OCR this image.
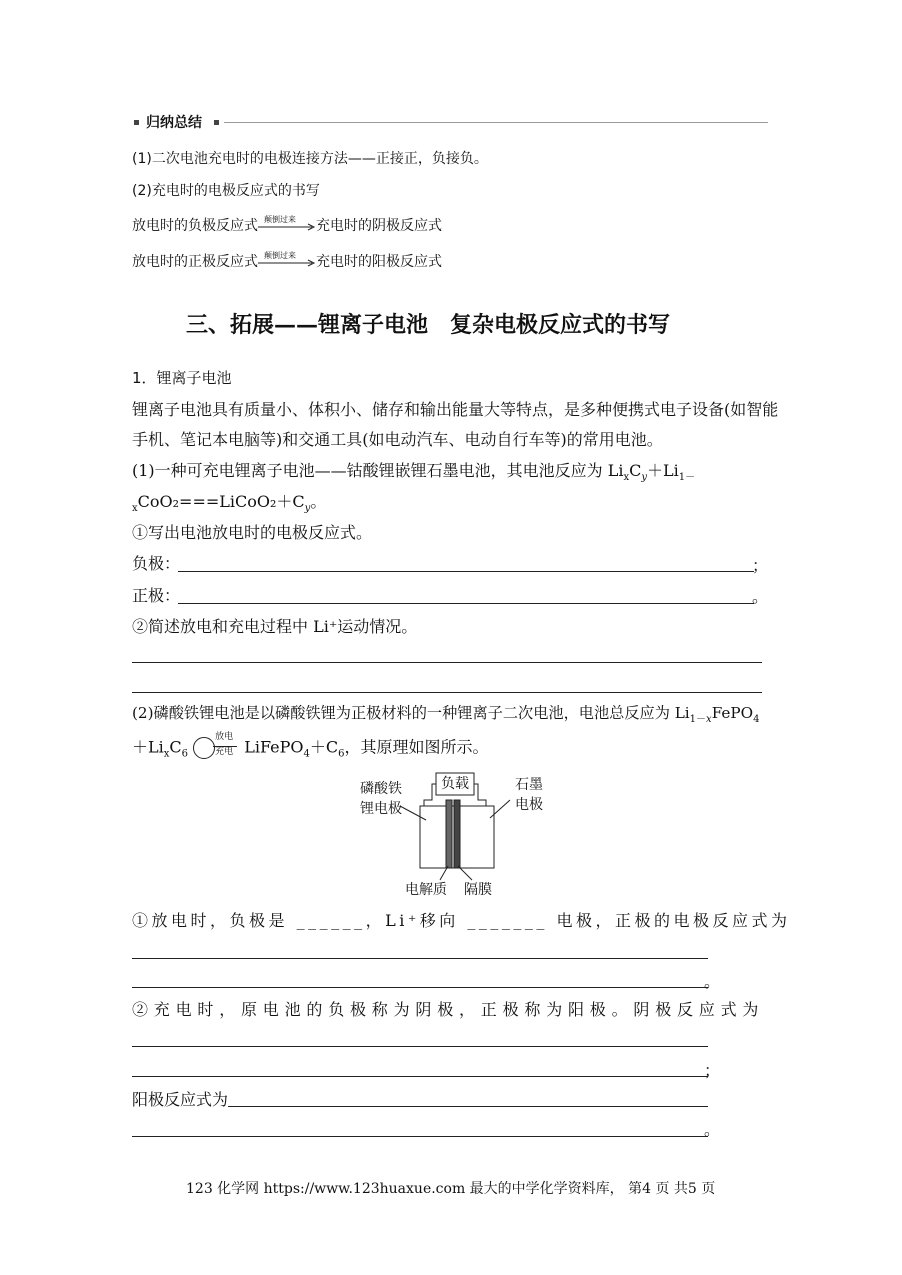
归纳总结
(1)二次电池充电时的电极连接方法——正接正，负接负。
(2)充电时的电极反应式的书写
放电时的负极反应式 颠倒过来 充电时的阴极反应式
放电时的正极反应式 颠倒过来 充电时的阳极反应式
三、拓展——锂离子电池　复杂电极反应式的书写
1．锂离子电池
锂离子电池具有质量小、体积小、储存和输出能量大等特点，是多种便携式电子设备(如智能
手机、笔记本电脑等)和交通工具(如电动汽车、电动自行车等)的常用电池。
(1)一种可充电锂离子电池——钴酸锂嵌锂石墨电池，其电池反应为 $Li_xC_y+Li_{1-}$
$_xCoO_2===LiCoO_2+C_y$。
①写出电池放电时的电极反应式。
负极：	；
正极：	。
②简述放电和充电过程中 Li⁺运动情况。
(2)磷酸铁锂电池是以磷酸铁锂为正极材料的一种锂离子二次电池，电池总反应为 $Li_{1-x}FePO_4$
$+Li_xC_6$
放电
充电 $LiFePO_4+C_6$，其原理如图所示。
负载
磷酸铁
锂电极
石墨
电极
电解质 隔膜
①放电时，负极是 ______，Li⁺移向 _______ 电极，正极的电极反应式为
。
②充电时，原电池的负极称为阴极，正极称为阳极。阴极反应式为
；
阳极反应式为
。
123 化学网 https://www.123huaxue.com 最大的中学化学资料库， 第4 页 共5 页
